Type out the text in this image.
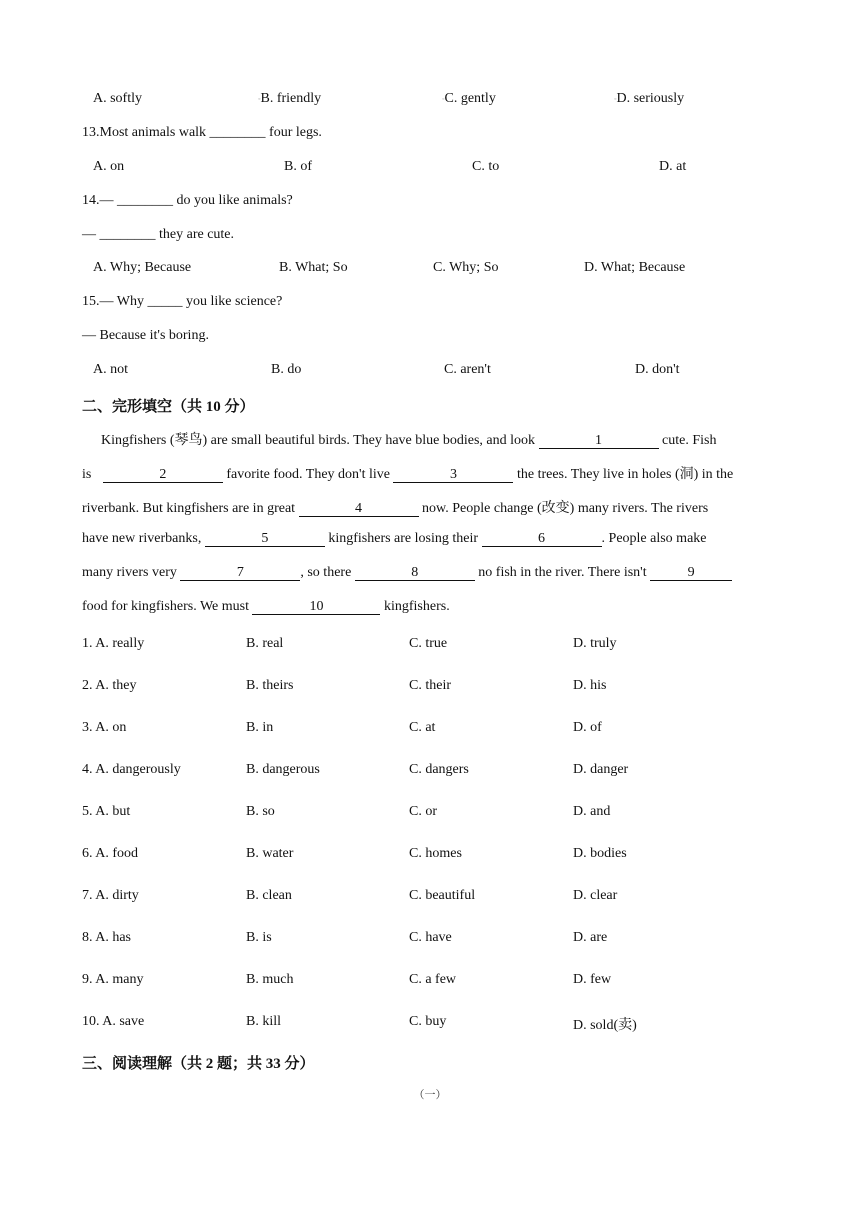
A. softly	◦B. friendly	◦C. gently	◦D. seriously
13.Most animals walk ________ four legs.
A. on	B. of	C. to	D. at
14.— ________ do you like animals?
— ________ they are cute.
A. Why; Because	B. What; So	C. Why; So	D. What; Because
15.— Why _____ you like science?
— Because it's boring.
A. not	B. do	C. aren't	D. don't
二、完形填空（共 10 分）
Kingfishers (琴鸟) are small beautiful birds. They have blue bodies, and look	1	cute. Fish
is	2	favorite food. They don't live	3	the trees. They live in holes (洞) in the
riverbank. But kingfishers are in great	4	now. People change (改变) many rivers. The rivers
have new riverbanks,	5	kingfishers are losing their	6	. People also make
many rivers very	7	, so there	8	no fish in the river. There isn't	9
food for kingfishers. We must	10	kingfishers.
1. A. really	B. real	C. true	D. truly
2. A. they	B. theirs	C. their	D. his
3. A. on	B. in	C. at	D. of
4. A. dangerously	B. dangerous	C. dangers	D. danger
5. A. but	B. so	C. or	D. and
6. A. food	B. water	C. homes	D. bodies
7. A. dirty	B. clean	C. beautiful	D. clear
8. A. has	B. is	C. have	D. are
9. A. many	B. much	C. a few	D. few
10. A. save	B. kill	C. buy	D. sold(卖)
三、阅读理解（共 2 题；共 33 分）
（一）
